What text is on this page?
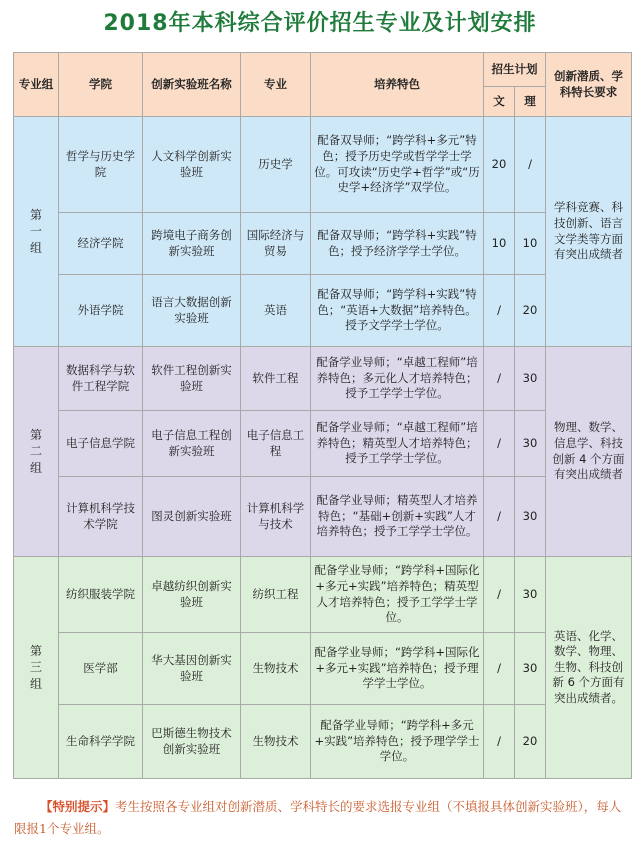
2018年本科综合评价招生专业及计划安排
专业组	学院	创新实验班名称	专业	培养特色	招生计划		创新潜质、学科特长要求
					文	理	

第
一
组	哲学与历史学院	人文科学创新实验班	历史学	配备双导师；“跨学科+多元”特色；授予历史学或哲学学士学位。可攻读“历史学+哲学”或“历史学+经济学”双学位。	20	/	学科竞赛、科技创新、语言文学类等方面有突出成绩者
	经济学院	跨境电子商务创新实验班	国际经济与贸易	配备双导师；“跨学科+实践”特色；授予经济学学士学位。	10	10	
	外语学院	语言大数据创新实验班	英语	配备双导师；“跨学科+实践”特色；“英语+大数据”培养特色。授予文学学士学位。	/	20	

第
二
组	数据科学与软件工程学院	软件工程创新实验班	软件工程	配备学业导师；“卓越工程师”培养特色；多元化人才培养特色；授予工学学士学位。	/	30	物理、数学、信息学、科技创新 4 个方面有突出成绩者
	电子信息学院	电子信息工程创新实验班	电子信息工程	配备学业导师；“卓越工程师”培养特色；精英型人才培养特色；授予工学学士学位。	/	30	
	计算机科学技术学院	图灵创新实验班	计算机科学与技术	配备学业导师；精英型人才培养特色；“基础+创新+实践”人才培养特色；授予工学学士学位。	/	30	

第
三
组	纺织服装学院	卓越纺织创新实验班	纺织工程	配备学业导师；“跨学科+国际化+多元+实践”培养特色；精英型人才培养特色；授予工学学士学位。	/	30	英语、化学、数学、物理、生物、科技创新 6 个方面有突出成绩者。
	医学部	华大基因创新实验班	生物技术	配备学业导师；“跨学科+国际化+多元+实践”培养特色；授予理学学士学位。	/	30	
	生命科学学院	巴斯德生物技术创新实验班	生物技术	配备学业导师；“跨学科+多元+实践”培养特色；授予理学学士学位。	/	20	
【特别提示】考生按照各专业组对创新潜质、学科特长的要求选报专业组（不填报具体创新实验班），每人限报1个专业组。
